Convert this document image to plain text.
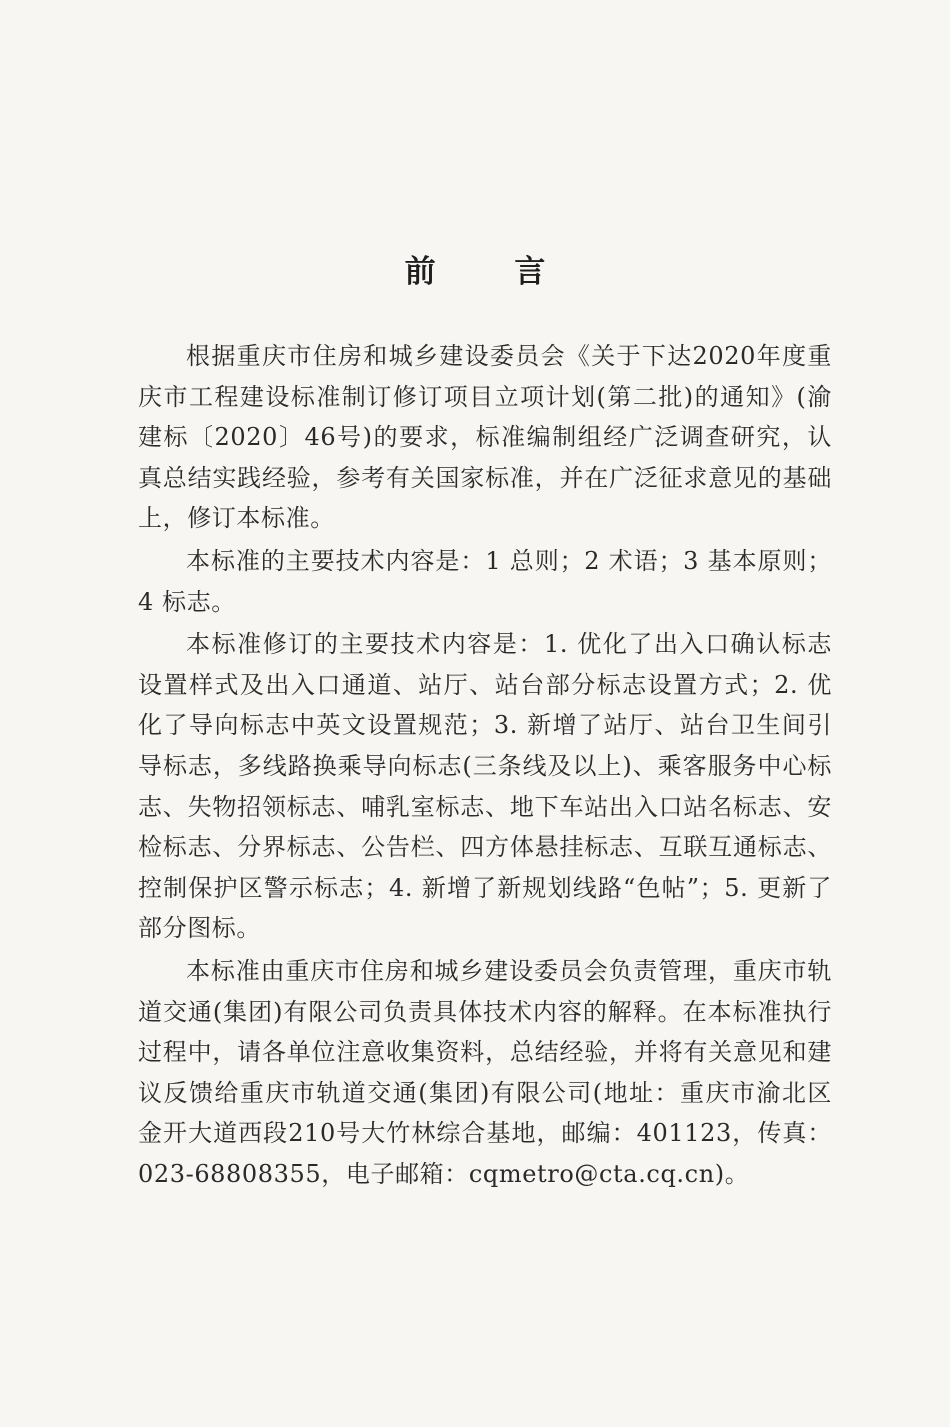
前 言

根据重庆市住房和城乡建设委员会《关于下达2020年度重庆市工程建设标准制订修订项目立项计划(第二批)的通知》(渝建标〔2020〕46号)的要求，标准编制组经广泛调查研究，认真总结实践经验，参考有关国家标准，并在广泛征求意见的基础上，修订本标准。

本标准的主要技术内容是：1 总则；2 术语；3 基本原则；4 标志。

本标准修订的主要技术内容是：1. 优化了出入口确认标志设置样式及出入口通道、站厅、站台部分标志设置方式；2. 优化了导向标志中英文设置规范；3. 新增了站厅、站台卫生间引导标志，多线路换乘导向标志(三条线及以上)、乘客服务中心标志、失物招领标志、哺乳室标志、地下车站出入口站名标志、安检标志、分界标志、公告栏、四方体悬挂标志、互联互通标志、控制保护区警示标志；4. 新增了新规划线路“色帖”；5. 更新了部分图标。

本标准由重庆市住房和城乡建设委员会负责管理，重庆市轨道交通(集团)有限公司负责具体技术内容的解释。在本标准执行过程中，请各单位注意收集资料，总结经验，并将有关意见和建议反馈给重庆市轨道交通(集团)有限公司(地址：重庆市渝北区金开大道西段210号大竹林综合基地，邮编：401123，传真：023-68808355，电子邮箱：cqmetro@cta.cq.cn)。
